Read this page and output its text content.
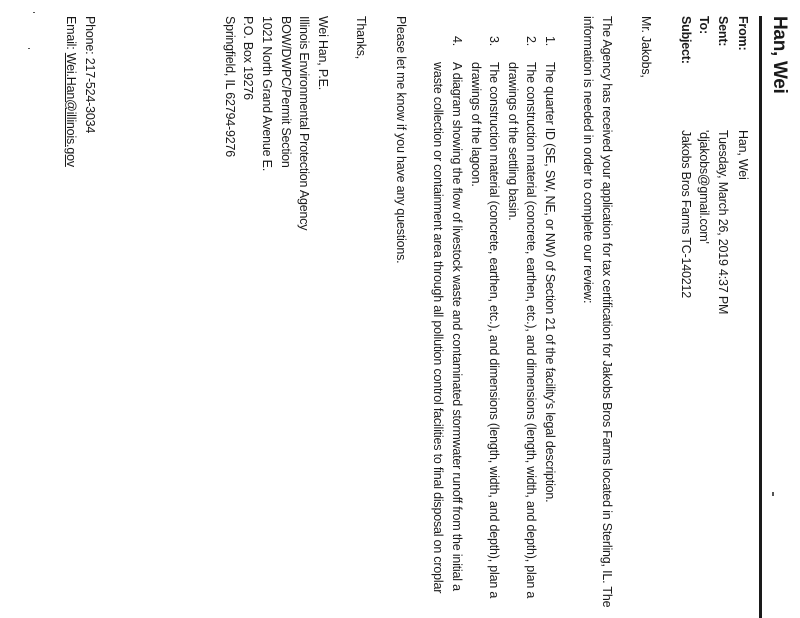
Han, Wei
From:
Han, Wei
Sent:
Tuesday, March 26, 2019 4:37 PM
To:
'djakobs@gmail.com'
Subject:
Jakobs Bros Farms TC-140212
Mr. Jakobs,
The Agency has received your application for tax certification for Jakobs Bros Farms located in Sterling, IL. The
information is needed in order to complete our review:
1.
The quarter ID (SE, SW, NE, or NW) of Section 21 of the facility's legal description.
2.
The construction material (concrete, earthen, etc.), and dimensions (length, width, and depth), plan a
drawings of the settling basin.
3.
The construction material (concrete, earthen, etc.), and dimensions (length, width, and depth), plan a
drawings of the lagoon.
4.
A diagram showing the flow of livestock waste and contaminated stormwater runoff from the initial a
waste collection or containment area through all pollution control facilities to final disposal on croplar
Please let me know if you have any questions.
Thanks,
Wei Han, P.E.
Illinois Environmental Protection Agency
BOW/DWPC/Permit Section
1021 North Grand Avenue E.
P.O. Box 19276
Springfield, IL 62794-9276
Phone: 217-524-3034
Email: Wei.Han@illinois.gov
